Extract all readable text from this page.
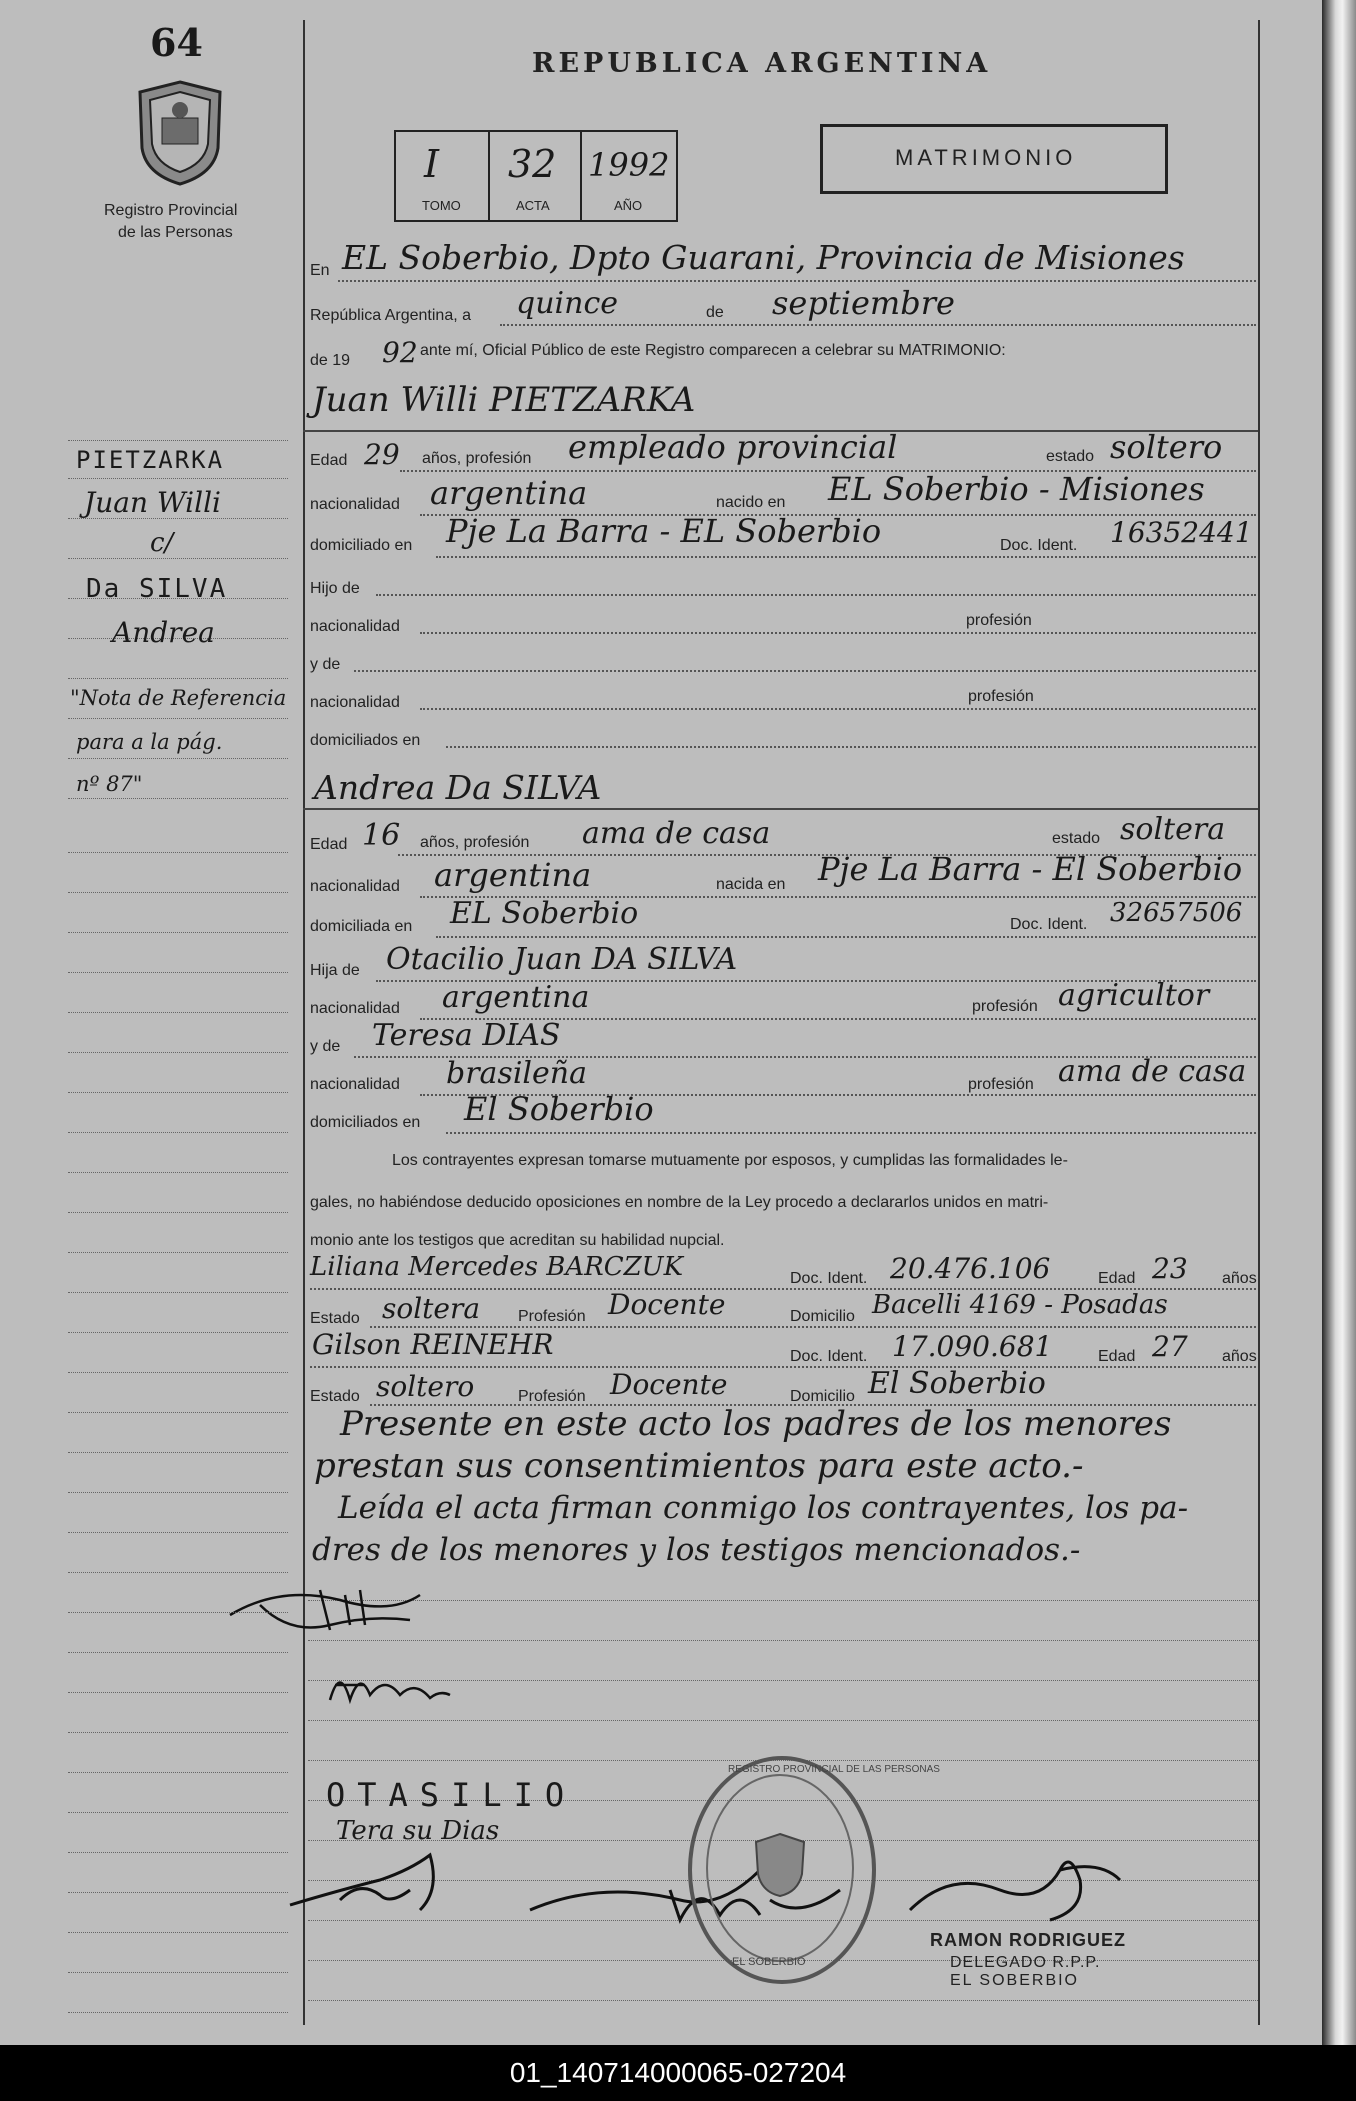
64
Registro Provincial
de las Personas
REPUBLICA ARGENTINA
I
TOMO
32
ACTA
1992
AÑO
MATRIMONIO
En EL Soberbio, Dpto Guarani, Provincia de Misiones
República Argentina, a quince	de septiembre
de 19 92 ante mí, Oficial Público de este Registro comparecen a celebrar su MATRIMONIO:
Juan Willi PIETZARKA
Edad 29 años, profesión empleado provincial	estado soltero
nacionalidad argentina	nacido en EL Soberbio - Misiones
domiciliado en Pje La Barra - EL Soberbio	Doc. Ident. 16352441
Hijo de
nacionalidad	profesión
y de
nacionalidad	profesión
domiciliados en
Andrea Da SILVA
Edad 16 años, profesión ama de casa	estado soltera
nacionalidad argentina	nacida en Pje La Barra - El Soberbio
domiciliada en EL Soberbio	Doc. Ident. 32657506
Hija de Otacilio Juan DA SILVA
nacionalidad argentina	profesión agricultor
y de Teresa DIAS
nacionalidad brasileña	profesión ama de casa
domiciliados en El Soberbio
Los contrayentes expresan tomarse mutuamente por esposos, y cumplidas las formalidades le-
gales, no habiéndose deducido oposiciones en nombre de la Ley procedo a declararlos unidos en matri-
monio ante los testigos que acreditan su habilidad nupcial.
Liliana Mercedes BARCZUK	Doc. Ident. 20.476.106	Edad 23 años
Estado soltera Profesión Docente	Domicilio Bacelli 4169 - Posadas
Gilson REINEHR	Doc. Ident. 17.090.681	Edad 27 años
Estado soltero	Profesión Docente	Domicilio El Soberbio
Presente en este acto los padres de los menores
prestan sus consentimientos para este acto.-
Leída el acta firman conmigo los contrayentes, los pa-
dres de los menores y los testigos mencionados.-
OTASILIO
Tera su Dias
REGISTRO PROVINCIAL DE LAS PERSONAS
EL SOBERBIO
RAMON RODRIGUEZ
DELEGADO R.P.P.
EL SOBERBIO
PIETZARKA
Juan Willi
c/
Da SILVA
Andrea
"Nota de Referencia
para a la pág.
nº 87"
01_140714000065-027204
